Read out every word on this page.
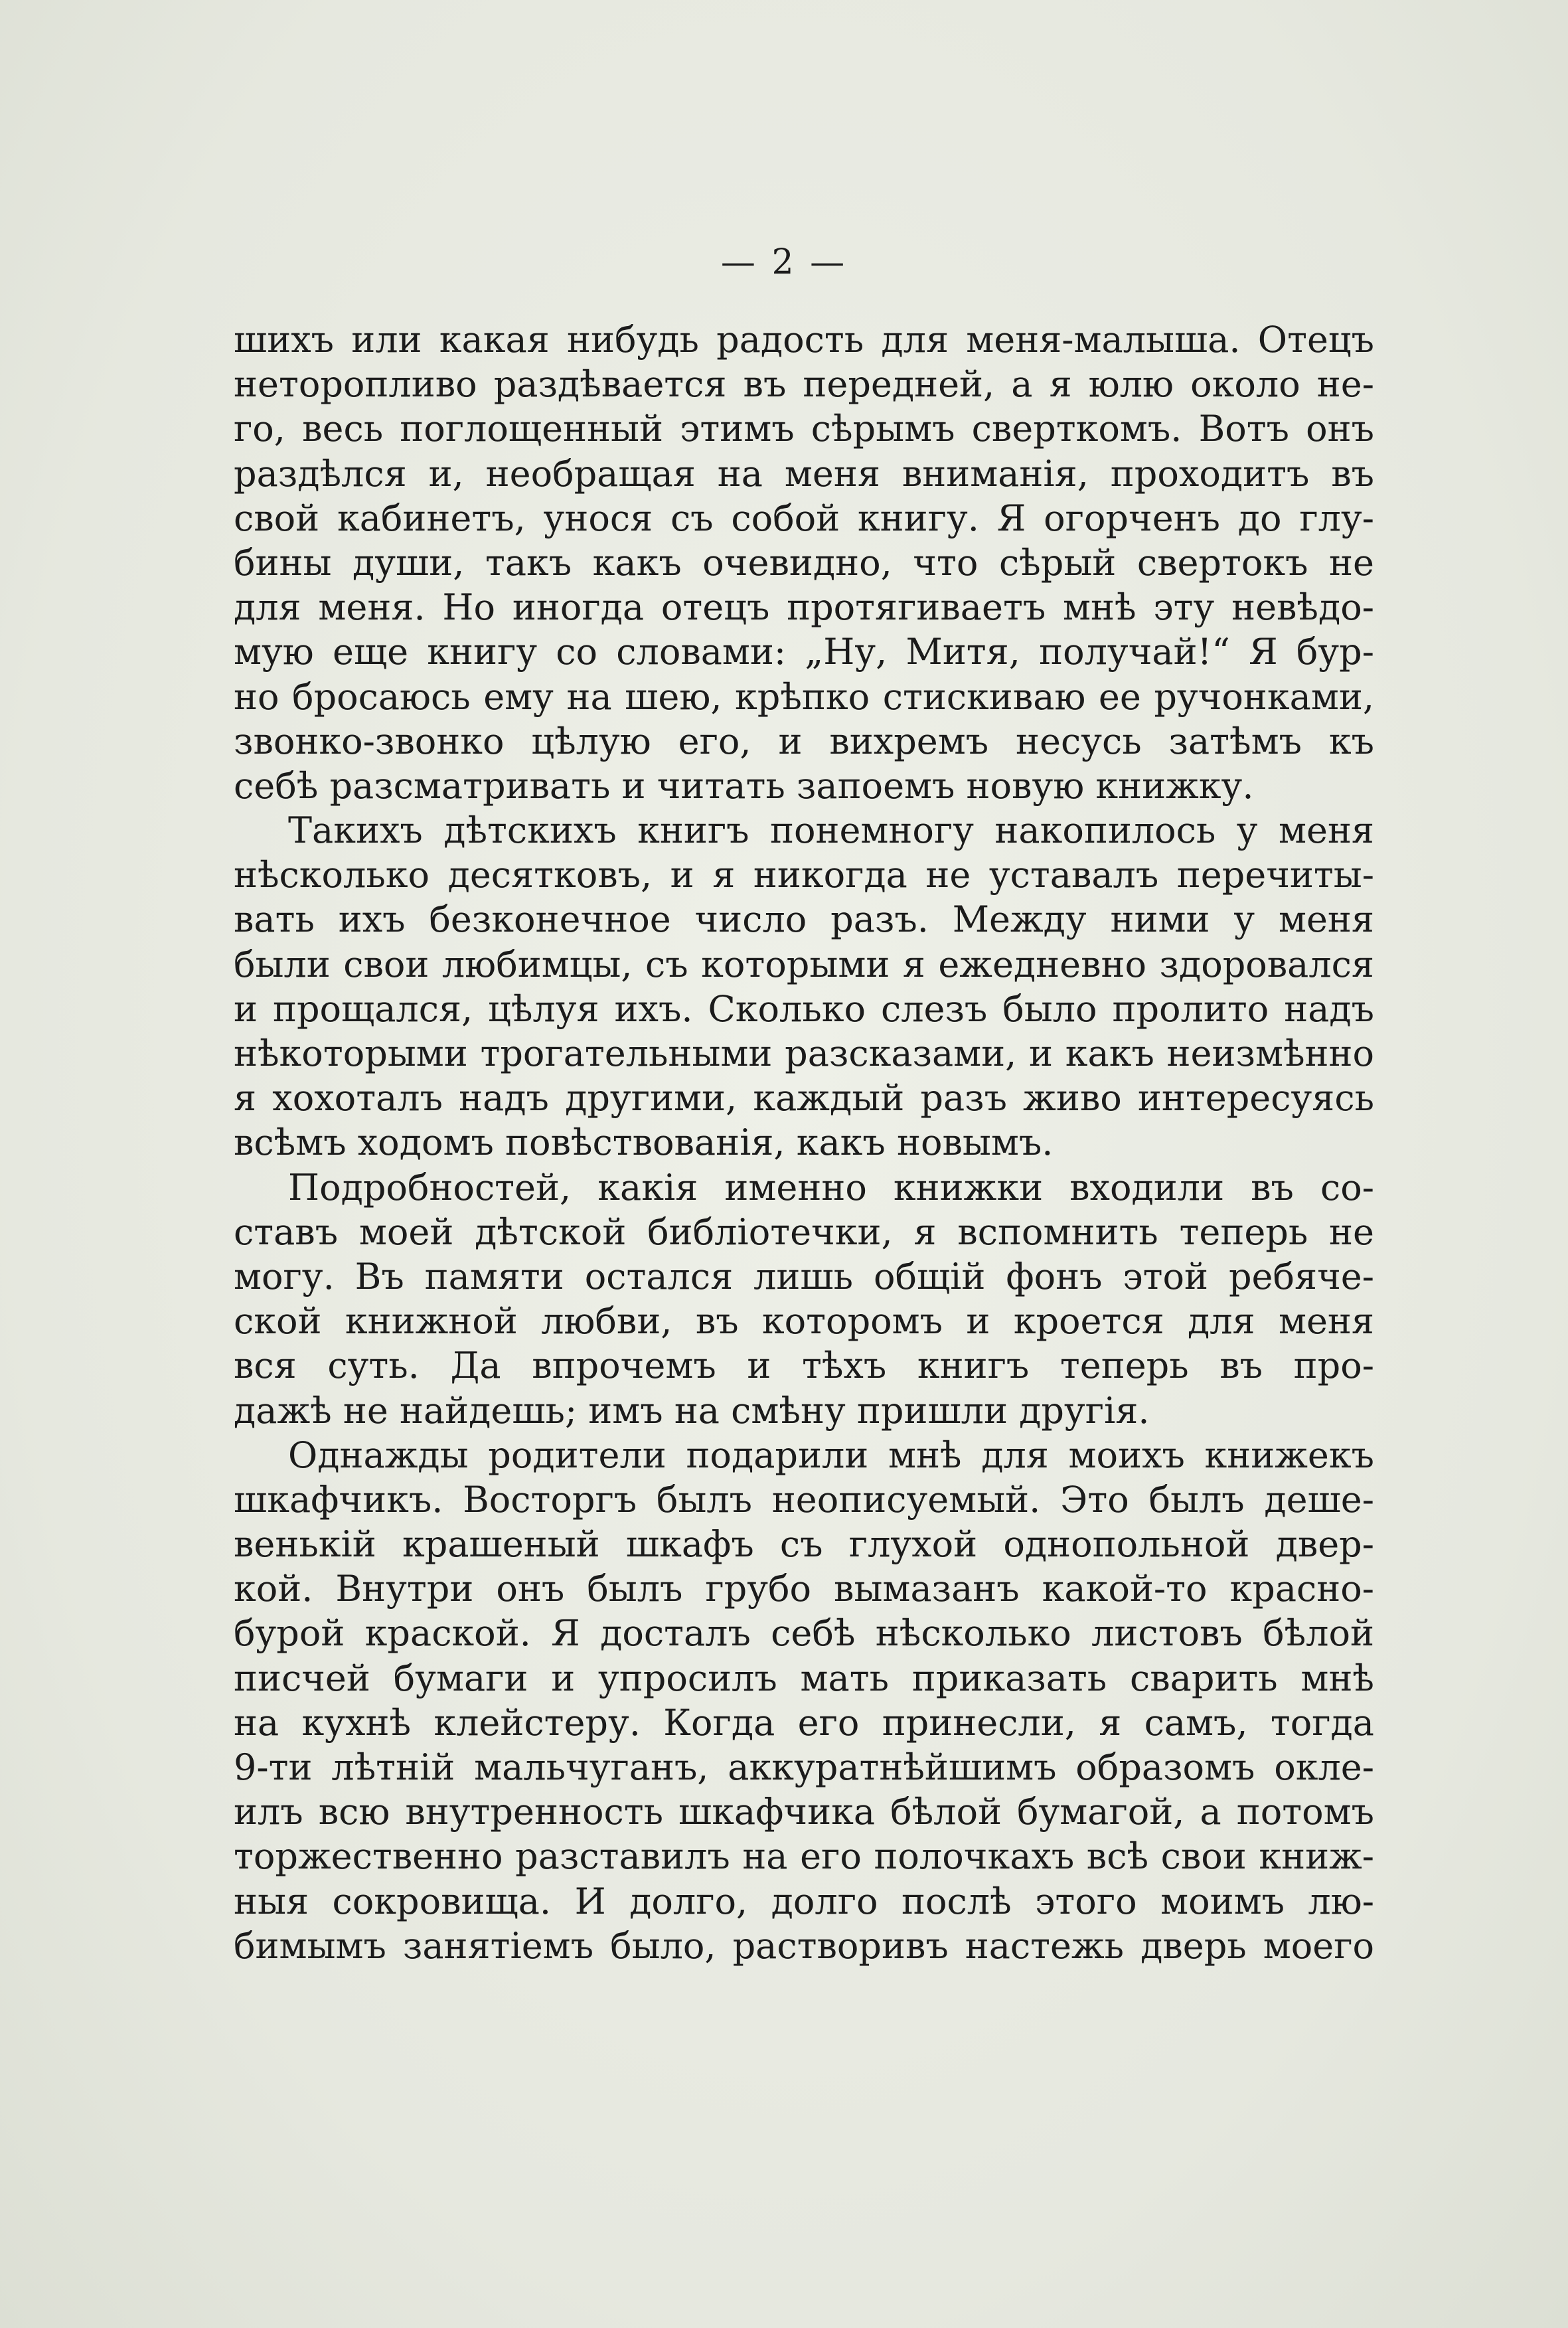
— 2 —
шихъ или какая нибудь радость для меня-малыша. Отецъ
неторопливо раздѣвается въ передней, а я юлю около не-
го, весь поглощенный этимъ сѣрымъ сверткомъ. Вотъ онъ
раздѣлся и, необращая на меня вниманія, проходитъ въ
свой кабинетъ, унося съ собой книгу. Я огорченъ до глу-
бины души, такъ какъ очевидно, что сѣрый свертокъ не
для меня. Но иногда отецъ протягиваетъ мнѣ эту невѣдо-
мую еще книгу со словами: „Ну, Митя, получай!“ Я бур-
но бросаюсь ему на шею, крѣпко стискиваю ее ручонками,
звонко-звонко цѣлую его, и вихремъ несусь затѣмъ къ
себѣ разсматривать и читать запоемъ новую книжку.
Такихъ дѣтскихъ книгъ понемногу накопилось у меня
нѣсколько десятковъ, и я никогда не уставалъ перечиты-
вать ихъ безконечное число разъ. Между ними у меня
были свои любимцы, съ которыми я ежедневно здоровался
и прощался, цѣлуя ихъ. Сколько слезъ было пролито надъ
нѣкоторыми трогательными разсказами, и какъ неизмѣнно
я хохоталъ надъ другими, каждый разъ живо интересуясь
всѣмъ ходомъ повѣствованія, какъ новымъ.
Подробностей, какія именно книжки входили въ со-
ставъ моей дѣтской библіотечки, я вспомнить теперь не
могу. Въ памяти остался лишь общій фонъ этой ребяче-
ской книжной любви, въ которомъ и кроется для меня
вся суть. Да впрочемъ и тѣхъ книгъ теперь въ про-
дажѣ не найдешь; имъ на смѣну пришли другія.
Однажды родители подарили мнѣ для моихъ книжекъ
шкафчикъ. Восторгъ былъ неописуемый. Это былъ деше-
венькій крашеный шкафъ съ глухой однопольной двер-
кой. Внутри онъ былъ грубо вымазанъ какой-то красно-
бурой краской. Я досталъ себѣ нѣсколько листовъ бѣлой
писчей бумаги и упросилъ мать приказать сварить мнѣ
на кухнѣ клейстеру. Когда его принесли, я самъ, тогда
9-ти лѣтній мальчуганъ, аккуратнѣйшимъ образомъ окле-
илъ всю внутренность шкафчика бѣлой бумагой, а потомъ
торжественно разставилъ на его полочкахъ всѣ свои книж-
ныя сокровища. И долго, долго послѣ этого моимъ лю-
бимымъ занятіемъ было, растворивъ настежь дверь моего
